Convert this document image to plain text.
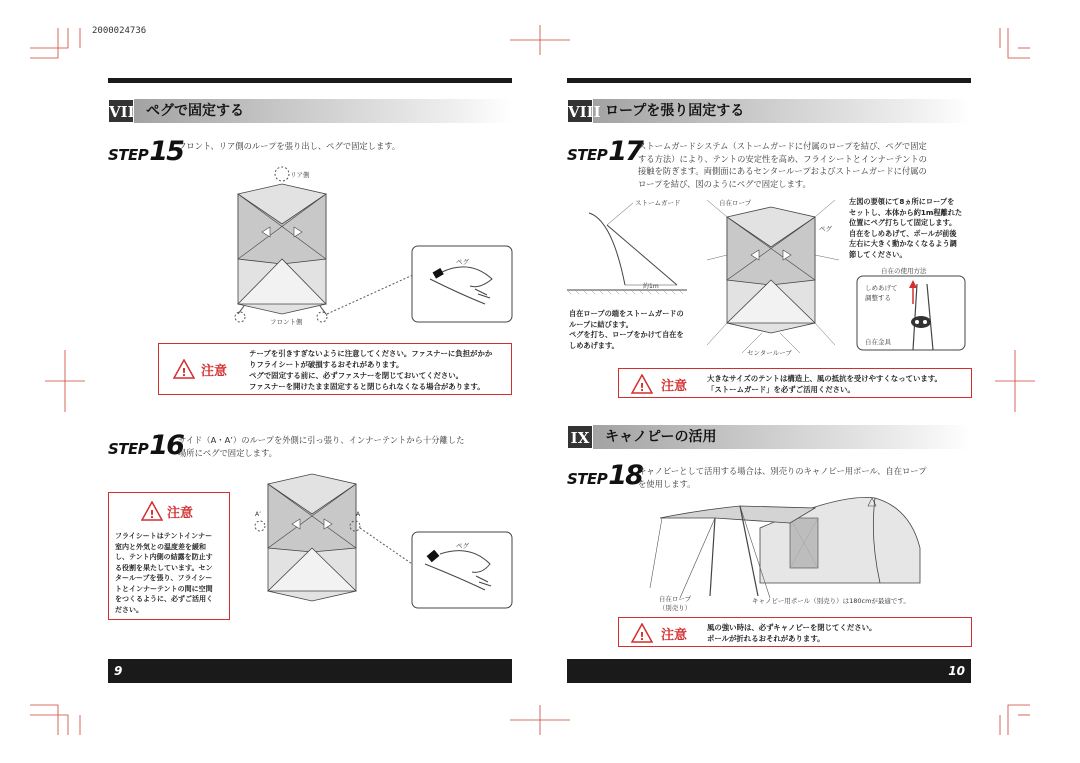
2000024736
VII ペグで固定する
STEP15
フロント、リア側のループを張り出し、ペグで固定します。
リア側
フロント側
ペグ
! 注意
テープを引きすぎないように注意してください。ファスナーに負担がかか
りフライシートが破損するおそれがあります。
ペグで固定する前に、必ずファスナーを閉じておいてください。
ファスナーを開けたまま固定すると閉じられなくなる場合があります。
STEP16
サイド（A・A’）のループを外側に引っ張り、インナーテントから十分離した
場所にペグで固定します。
! 注意
フライシートはテントインナー
室内と外気との温度差を緩和
し、テント内側の結露を防止す
る役割を果たしています。セン
タールーブを張り、フライシー
トとインナーテントの間に空間
をつくるように、必ずご活用く
ださい。
A’	A
ペグ
9
VIII ロープを張り固定する
STEP17
ストームガードシステム（ストームガードに付属のロープを結び、ペグで固定
する方法）により、テントの安定性を高め、フライシートとインナーテントの
接触を防ぎます。両側面にあるセンターループおよびストームガードに付属の
ロープを結び、図のようにペグで固定します。
ストームガード
約1m
自在ロープ
ペグ
センタールーブ
自在ロープの端をストームガードの
ループに結びます。
ペグを打ち、ロープをかけて自在を
しめあげます。
左図の要領にて8ヵ所にロープを
セットし、本体から約1m程離れた
位置にペグ打ちして固定します。
自在をしめあげて、ポールが前後
左右に大きく動かなくなるよう調
節してください。
自在の使用方法
しめあげて
調整する
自在金具
! 注意
大きなサイズのテントは構造上、風の抵抗を受けやすくなっています。
「ストームガード」を必ずご活用ください。
IX キャノピーの活用
STEP18
キャノピーとして活用する場合は、別売りのキャノピー用ポール、自在ロープ
を使用します。
自在ロープ
（別売り）
キャノピー用ポール（別売り）は180cmが最適です。
! 注意
風の強い時は、必ずキャノピーを閉じてください。
ポールが折れるおそれがあります。
10
